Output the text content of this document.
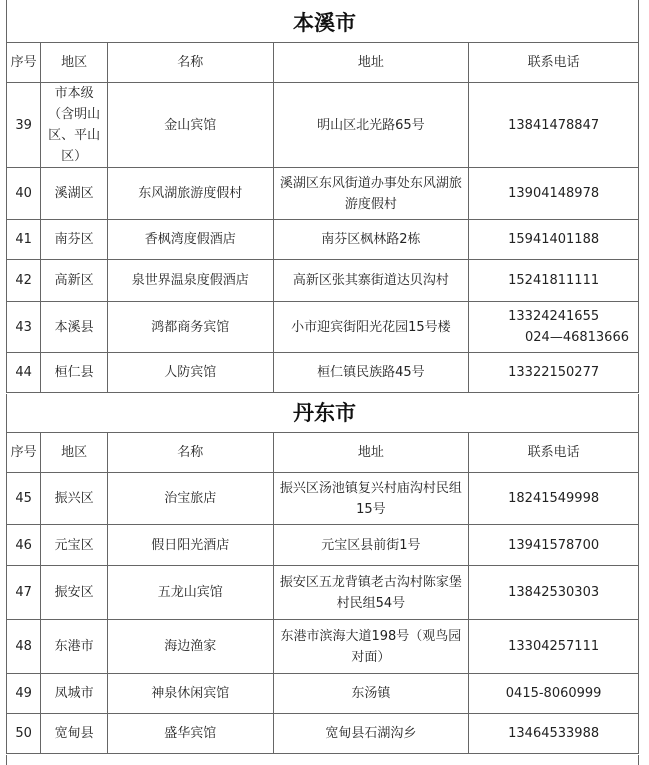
本溪市
序号	地区	名称	地址	联系电话
39	市本级（含明山区、平山区）	金山宾馆	明山区北光路65号	13841478847
40	溪湖区	东风湖旅游度假村	溪湖区东风街道办事处东风湖旅游度假村	13904148978
41	南芬区	香枫湾度假酒店	南芬区枫林路2栋	15941401188
42	高新区	泉世界温泉度假酒店	高新区张其寨街道达贝沟村	15241811111
43	本溪县	鸿都商务宾馆	小市迎宾街阳光花园15号楼	13324241655
024—46813666

44	桓仁县	人防宾馆	桓仁镇民族路45号	13322150277
丹东市
序号	地区	名称	地址	联系电话
45	振兴区	治宝旅店	振兴区汤池镇复兴村庙沟村民组15号	18241549998
46	元宝区	假日阳光酒店	元宝区县前街1号	13941578700
47	振安区	五龙山宾馆	振安区五龙背镇老古沟村陈家堡村民组54号	13842530303
48	东港市	海边渔家	东港市滨海大道198号（观鸟园对面）	13304257111
49	凤城市	神泉休闲宾馆	东汤镇	0415-8060999
50	宽甸县	盛华宾馆	宽甸县石湖沟乡	13464533988
